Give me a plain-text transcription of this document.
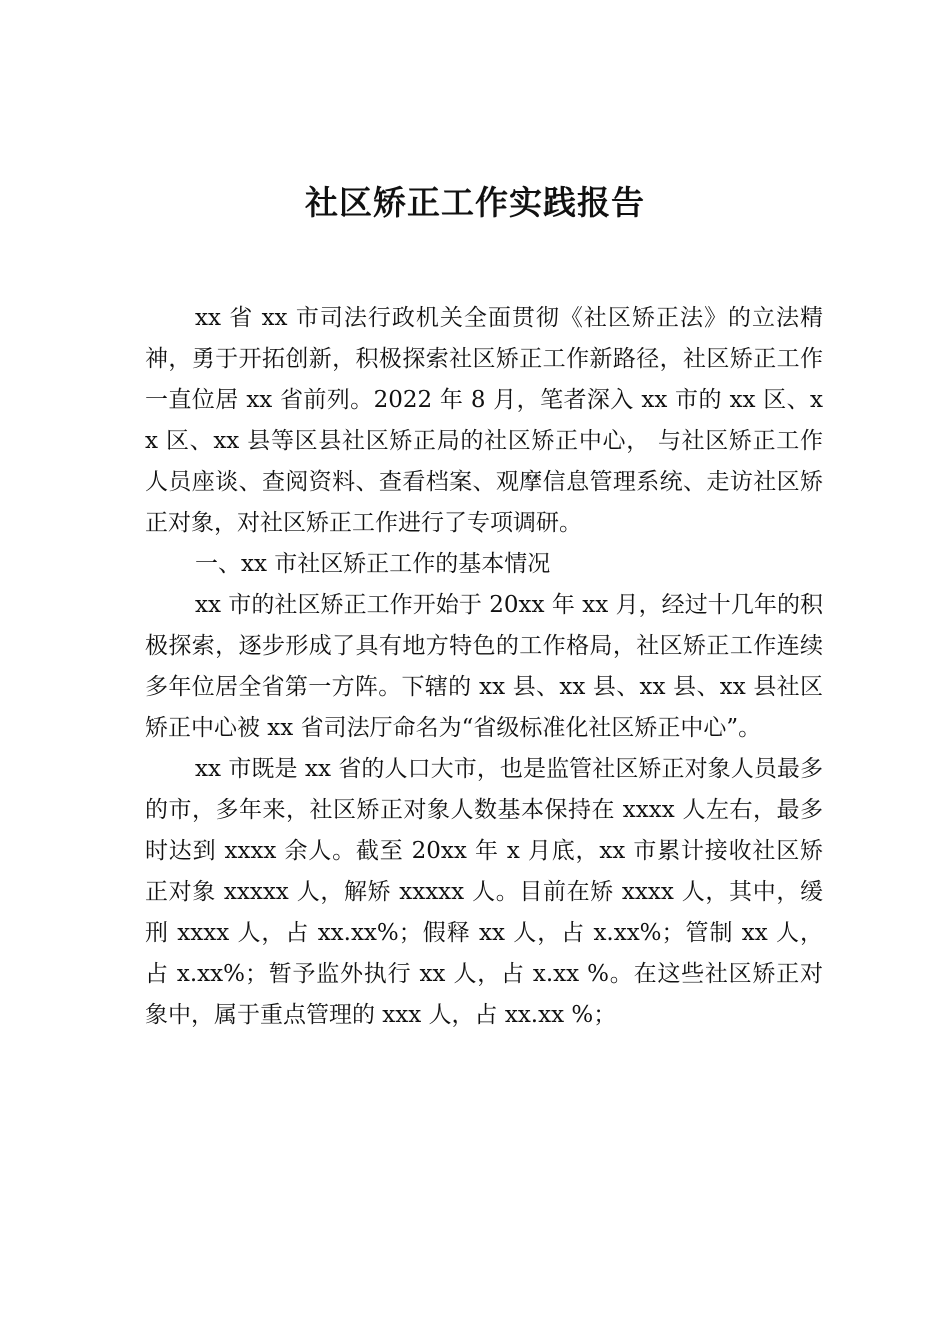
社区矫正工作实践报告

xx 省 xx 市司法行政机关全面贯彻《社区矫正法》的立法精神，勇于开拓创新，积极探索社区矫正工作新路径，社区矫正工作一直位居 xx 省前列。2022 年 8 月，笔者深入 xx 市的 xx 区、xx 区、xx 县等区县社区矫正局的社区矫正中心， 与社区矫正工作人员座谈、查阅资料、查看档案、观摩信息管理系统、走访社区矫正对象，对社区矫正工作进行了专项调研。

一、xx 市社区矫正工作的基本情况

xx 市的社区矫正工作开始于 20xx 年 xx 月，经过十几年的积极探索，逐步形成了具有地方特色的工作格局，社区矫正工作连续多年位居全省第一方阵。下辖的 xx 县、xx 县、xx 县、xx 县社区矫正中心被 xx 省司法厅命名为“省级标准化社区矫正中心”。

xx 市既是 xx 省的人口大市，也是监管社区矫正对象人员最多的市，多年来，社区矫正对象人数基本保持在 xxxx 人左右，最多时达到 xxxx 余人。截至 20xx 年 x 月底，xx 市累计接收社区矫正对象 xxxxx 人，解矫 xxxxx 人。目前在矫 xxxx 人，其中，缓刑 xxxx 人，占 xx.xx%；假释 xx 人，占 x.xx%；管制 xx 人，占 x.xx%；暂予监外执行 xx 人，占 x.xx %。在这些社区矫正对象中，属于重点管理的 xxx 人，占 xx.xx %；
